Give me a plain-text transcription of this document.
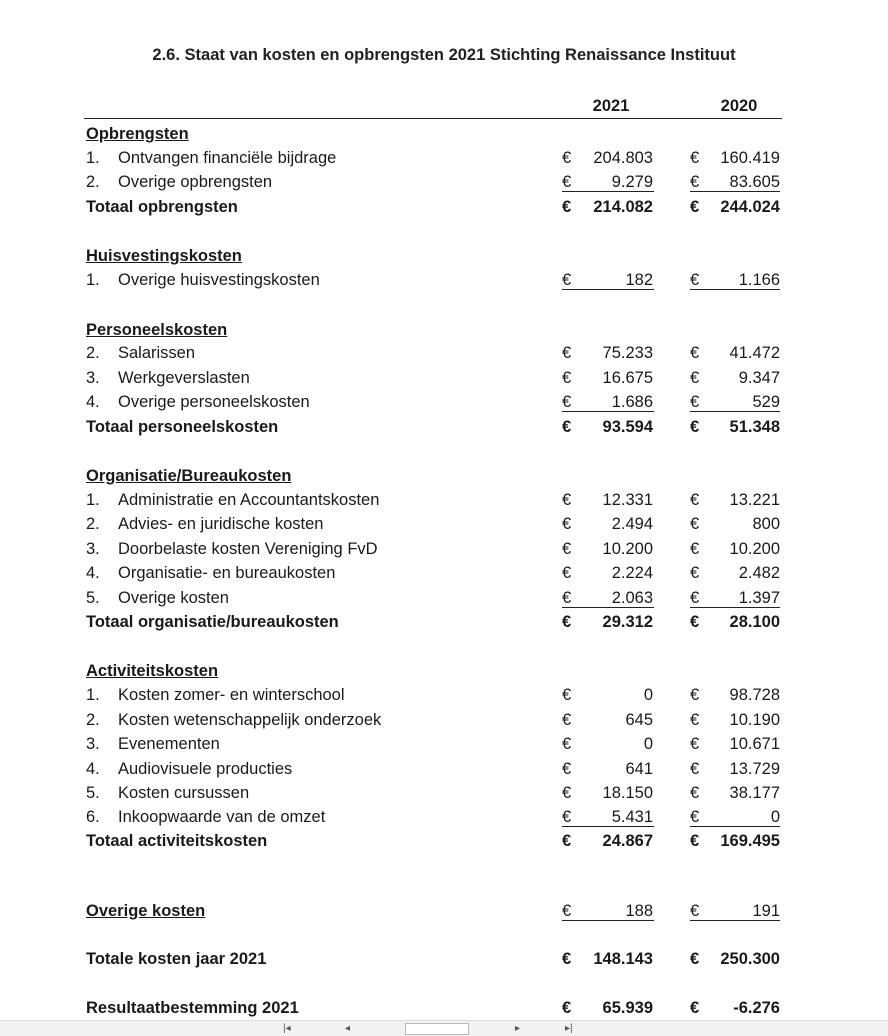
2.6. Staat van kosten en opbrengsten 2021 Stichting Renaissance Instituut
2021	2020
Opbrengsten
1.	Ontvangen financiële bijdrage	€	204.803 €	160.419
2.	Overige opbrengsten	€	9.279 €	83.605
Totaal opbrengsten	€	214.082 €	244.024
Huisvestingskosten
1.	Overige huisvestingskosten	€	182 €	1.166
Personeelskosten
2.	Salarissen	€	75.233 €	41.472
3.	Werkgeverslasten	€	16.675 €	9.347
4.	Overige personeelskosten	€	1.686 €	529
Totaal personeelskosten	€	93.594 €	51.348
Organisatie/Bureaukosten
1.	Administratie en Accountantskosten	€	12.331 €	13.221
2.	Advies- en juridische kosten	€	2.494 €	800
3.	Doorbelaste kosten Vereniging FvD	€	10.200 €	10.200
4.	Organisatie- en bureaukosten	€	2.224 €	2.482
5.	Overige kosten	€	2.063 €	1.397
Totaal organisatie/bureaukosten	€	29.312 €	28.100
Activiteitskosten
1.	Kosten zomer- en winterschool	€	0 €	98.728
2.	Kosten wetenschappelijk onderzoek	€	645 €	10.190
3.	Evenementen	€	0 €	10.671
4.	Audiovisuele producties	€	641 €	13.729
5.	Kosten cursussen	€	18.150 €	38.177
6.	Inkoopwaarde van de omzet	€	5.431 €	0
Totaal activiteitskosten	€	24.867 €	169.495
Overige kosten	€	188 €	191
Totale kosten jaar 2021	€	148.143 €	250.300
Resultaatbestemming 2021	€	65.939 €	-6.276
|◂	◂	▸	▸|
